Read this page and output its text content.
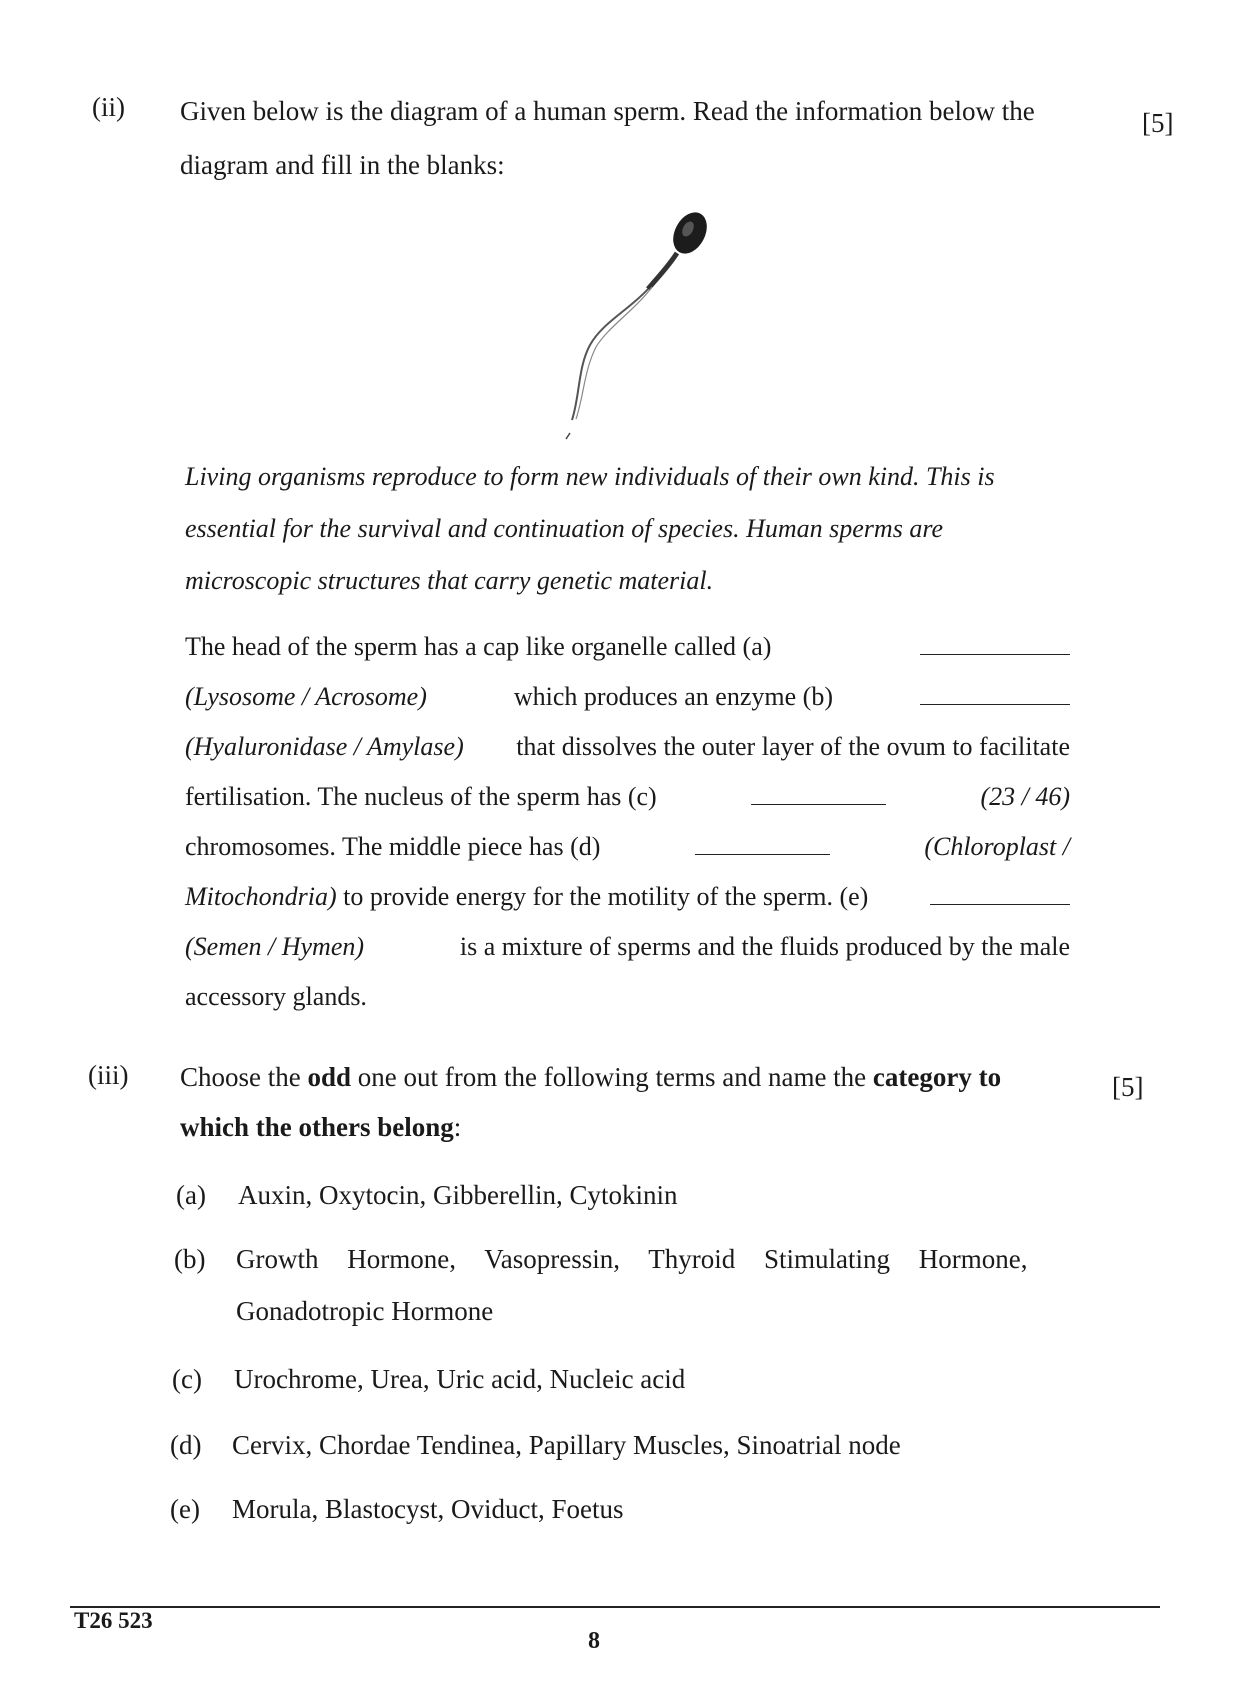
(ii)
[5]
Given below is the diagram of a human sperm. Read the information below the
diagram and fill in the blanks:
Living organisms reproduce to form new individuals of their own kind. This is
essential for the survival and continuation of species. Human sperms are
microscopic structures that carry genetic material.
The head of the sperm has a cap like organelle called (a)
(Lysosome / Acrosome)	which produces an enzyme (b)
(Hyaluronidase / Amylase) that dissolves the outer layer of the ovum to facilitate
fertilisation. The nucleus of the sperm has (c)	(23 / 46)
chromosomes. The middle piece has (d)	(Chloroplast /
Mitochondria) to provide energy for the motility of the sperm. (e)
(Semen / Hymen)	is a mixture of sperms and the fluids produced by the male
accessory glands.
(iii)	[5]
Choose the odd one out from the following terms and name the category to
which the others belong:
(a) Auxin, Oxytocin, Gibberellin, Cytokinin
(b)	Growth Hormone, Vasopressin, Thyroid Stimulating Hormone,
Gonadotropic Hormone
(c) Urochrome, Urea, Uric acid, Nucleic acid
(d) Cervix, Chordae Tendinea, Papillary Muscles, Sinoatrial node
(e) Morula, Blastocyst, Oviduct, Foetus
T26 523
8
